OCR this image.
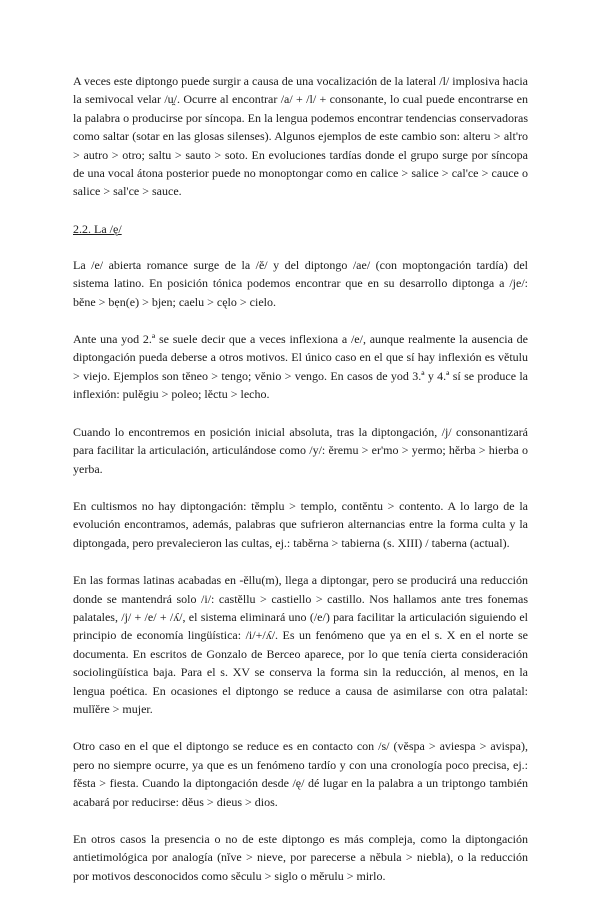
A veces este diptongo puede surgir a causa de una vocalización de la lateral /l/ implosiva hacia la semivocal velar /u̯/. Ocurre al encontrar /a/ + /l/ + consonante, lo cual puede encontrarse en la palabra o producirse por síncopa. En la lengua podemos encontrar tendencias conservadoras como saltar (sotar en las glosas silenses). Algunos ejemplos de este cambio son: alteru > alt'ro > autro > otro; saltu > sauto > soto. En evoluciones tardías donde el grupo surge por síncopa de una vocal átona posterior puede no monoptongar como en calice > salice > cal'ce > cauce o salice > sal'ce > sauce.

2.2. La /ę/

La /e/ abierta romance surge de la /ĕ/ y del diptongo /ae/ (con moptongación tardía) del sistema latino. En posición tónica podemos encontrar que en su desarrollo diptonga a /je/: bĕne > bẹn(e) > bjen; caelu > cęlo > cielo.

Ante una yod 2.ª se suele decir que a veces inflexiona a /e/, aunque realmente la ausencia de diptongación pueda deberse a otros motivos. El único caso en el que sí hay inflexión es vĕtulu > viejo. Ejemplos son tĕneo > tengo; vĕnio > vengo. En casos de yod 3.ª y 4.ª sí se produce la inflexión: pulĕgiu > poleo; lĕctu > lecho.

Cuando lo encontremos en posición inicial absoluta, tras la diptongación, /j/ consonantizará para facilitar la articulación, articulándose como /y/: ĕremu > er'mo > yermo; hĕrba > hierba o yerba.

En cultismos no hay diptongación: tĕmplu > templo, contĕntu > contento. A lo largo de la evolución encontramos, además, palabras que sufrieron alternancias entre la forma culta y la diptongada, pero prevalecieron las cultas, ej.: tabĕrna > tabierna (s. XIII) / taberna (actual).

En las formas latinas acabadas en -ĕllu(m), llega a diptongar, pero se producirá una reducción donde se mantendrá solo /i/: castĕllu > castiello > castillo. Nos hallamos ante tres fonemas palatales, /j/ + /e/ + /ʎ/, el sistema eliminará uno (/e/) para facilitar la articulación siguiendo el principio de economía lingüística: /i/+/ʎ/. Es un fenómeno que ya en el s. X en el norte se documenta. En escritos de Gonzalo de Berceo aparece, por lo que tenía cierta consideración sociolingüística baja. Para el s. XV se conserva la forma sin la reducción, al menos, en la lengua poética. En ocasiones el diptongo se reduce a causa de asimilarse con otra palatal: mulĭĕre > mujer.

Otro caso en el que el diptongo se reduce es en contacto con /s/ (vĕspa > aviespa > avispa), pero no siempre ocurre, ya que es un fenómeno tardío y con una cronología poco precisa, ej.: fĕsta > fiesta. Cuando la diptongación desde /ę/ dé lugar en la palabra a un triptongo también acabará por reducirse: dĕus > dieus > dios.

En otros casos la presencia o no de este diptongo es más compleja, como la diptongación antietimológica por analogía (nĭve > nieve, por parecerse a nĕbula > niebla), o la reducción por motivos desconocidos como sĕculu > siglo o mĕrulu > mirlo.
